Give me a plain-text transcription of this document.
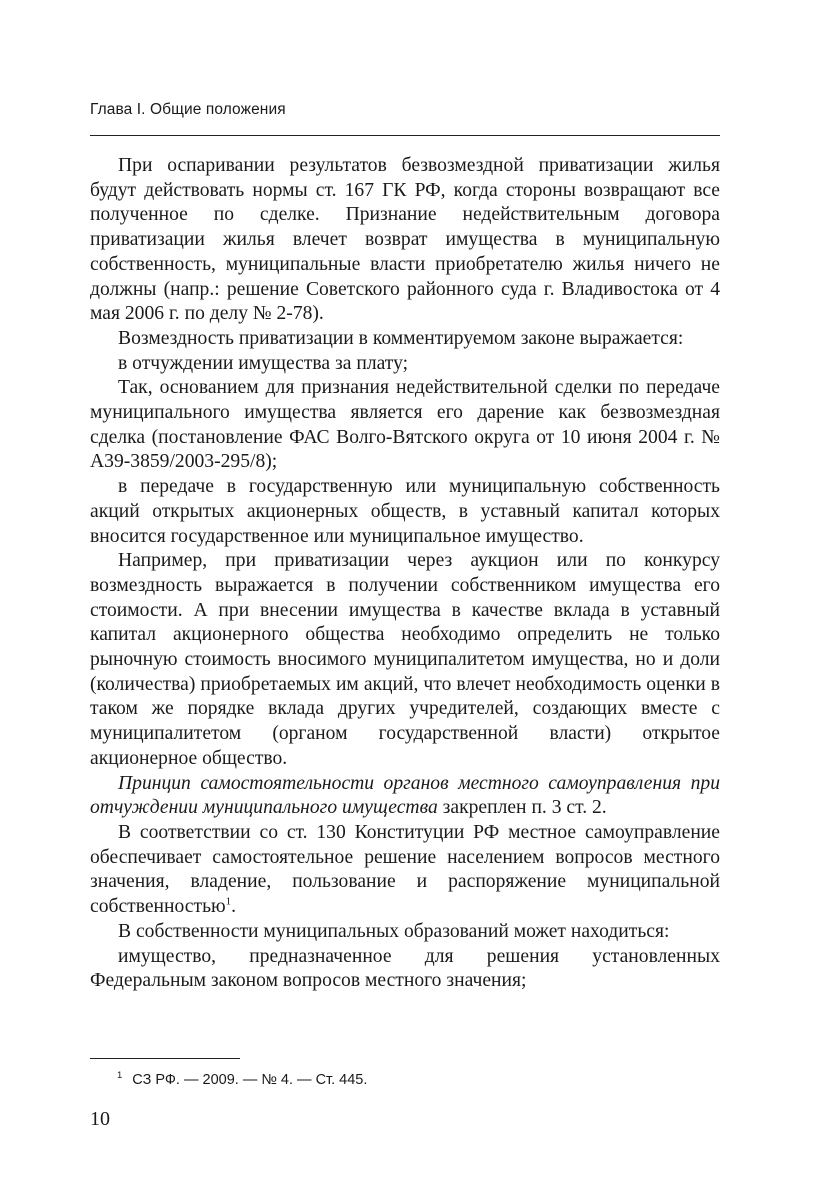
Глава I. Общие положения

При оспаривании результатов безвозмездной приватизации жилья будут действовать нормы ст. 167 ГК РФ, когда стороны возвращают все полученное по сделке. Признание недействительным договора приватизации жилья влечет возврат имущества в муниципальную собственность, муниципальные власти приобретателю жилья ничего не должны (напр.: решение Советского районного суда г. Владивостока от 4 мая 2006 г. по делу № 2-78).

Возмездность приватизации в комментируемом законе выражается:

в отчуждении имущества за плату;

Так, основанием для признания недействительной сделки по передаче муниципального имущества является его дарение как безвозмездная сделка (постановление ФАС Волго-Вятского округа от 10 июня 2004 г. № А39-3859/2003-295/8);

в передаче в государственную или муниципальную собственность акций открытых акционерных обществ, в уставный капитал которых вносится государственное или муниципальное имущество.

Например, при приватизации через аукцион или по конкурсу возмездность выражается в получении собственником имущества его стоимости. А при внесении имущества в качестве вклада в уставный капитал акционерного общества необходимо определить не только рыночную стоимость вносимого муниципалитетом имущества, но и доли (количества) приобретаемых им акций, что влечет необходимость оценки в таком же порядке вклада других учредителей, создающих вместе с муниципалитетом (органом государственной власти) открытое акционерное общество.

Принцип самостоятельности органов местного самоуправления при отчуждении муниципального имущества закреплен п. 3 ст. 2.

В соответствии со ст. 130 Конституции РФ местное самоуправление обеспечивает самостоятельное решение населением вопросов местного значения, владение, пользование и распоряжение муниципальной собственностью$^1$.

В собственности муниципальных образований может находиться:

имущество, предназначенное для решения установленных Федеральным законом вопросов местного значения;

$^1$ СЗ РФ. — 2009. — № 4. — Ст. 445.
10
